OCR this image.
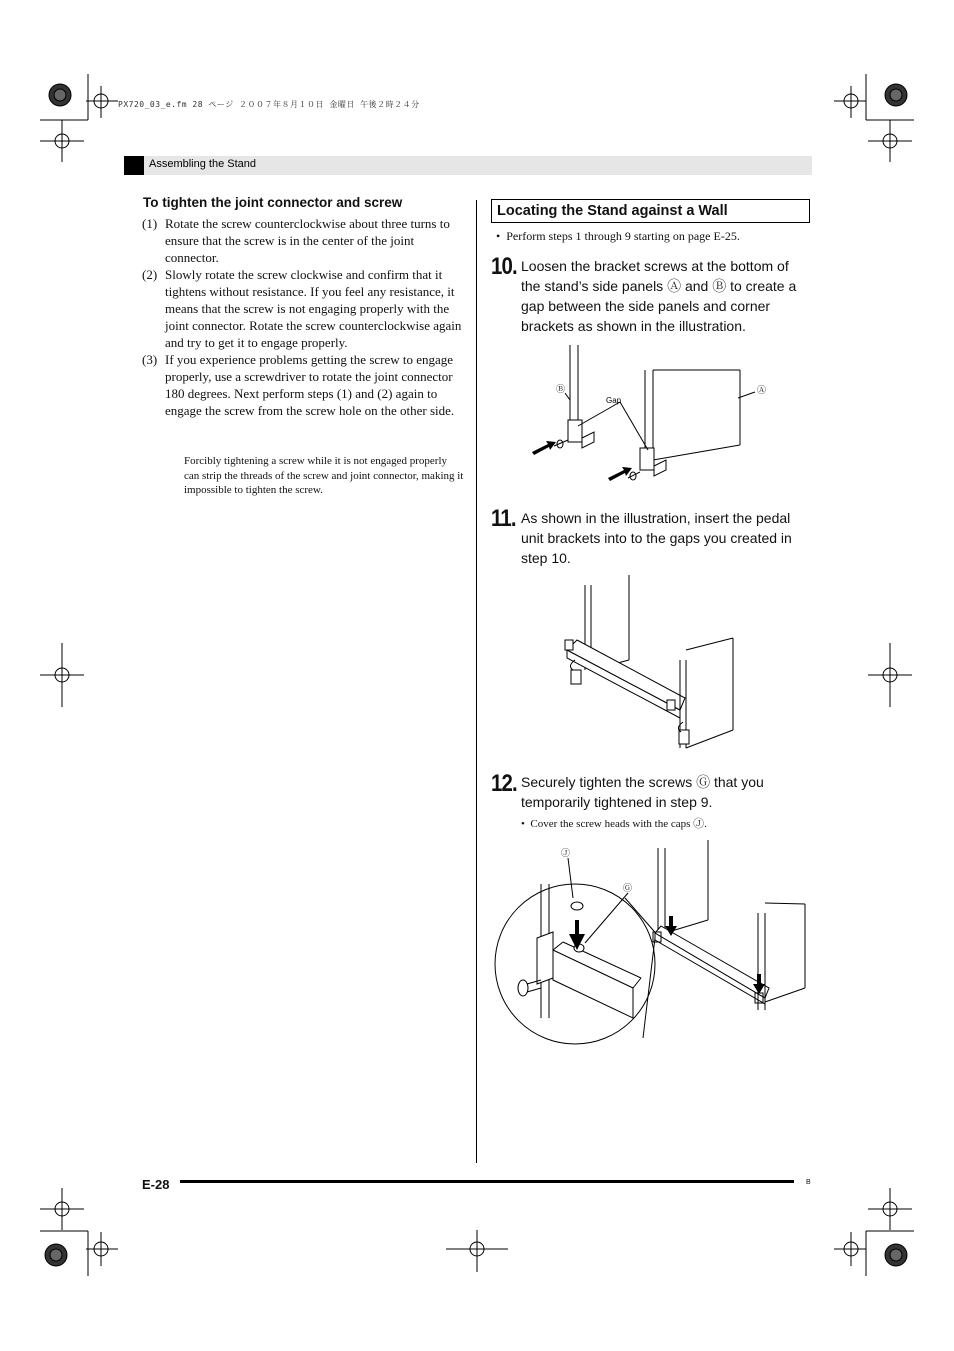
PX720_03_e.fm 28 ページ ２００７年８月１０日 金曜日 午後２時２４分
Assembling the Stand
To tighten the joint connector and screw
(1) Rotate the screw counterclockwise about three turns to ensure that the screw is in the center of the joint connector.
(2) Slowly rotate the screw clockwise and confirm that it tightens without resistance. If you feel any resistance, it means that the screw is not engaging properly with the joint connector. Rotate the screw counterclockwise again and try to get it to engage properly.
(3) If you experience problems getting the screw to engage properly, use a screwdriver to rotate the joint connector 180 degrees. Next perform steps (1) and (2) again to engage the screw from the screw hole on the other side.
Forcibly tightening a screw while it is not engaged properly can strip the threads of the screw and joint connector, making it impossible to tighten the screw.
Locating the Stand against a Wall
•  Perform steps 1 through 9 starting on page E-25.
10. Loosen the bracket screws at the bottom of the stand’s side panels Ⓐ and Ⓑ to create a gap between the side panels and corner brackets as shown in the illustration.
Ⓑ	Ⓐ
Gap
11. As shown in the illustration, insert the pedal unit brackets into to the gaps you created in step 10.
12. Securely tighten the screws Ⓖ that you temporarily tightened in step 9.
•  Cover the screw heads with the caps Ⓙ.
Ⓙ
Ⓖ
E-28	B
